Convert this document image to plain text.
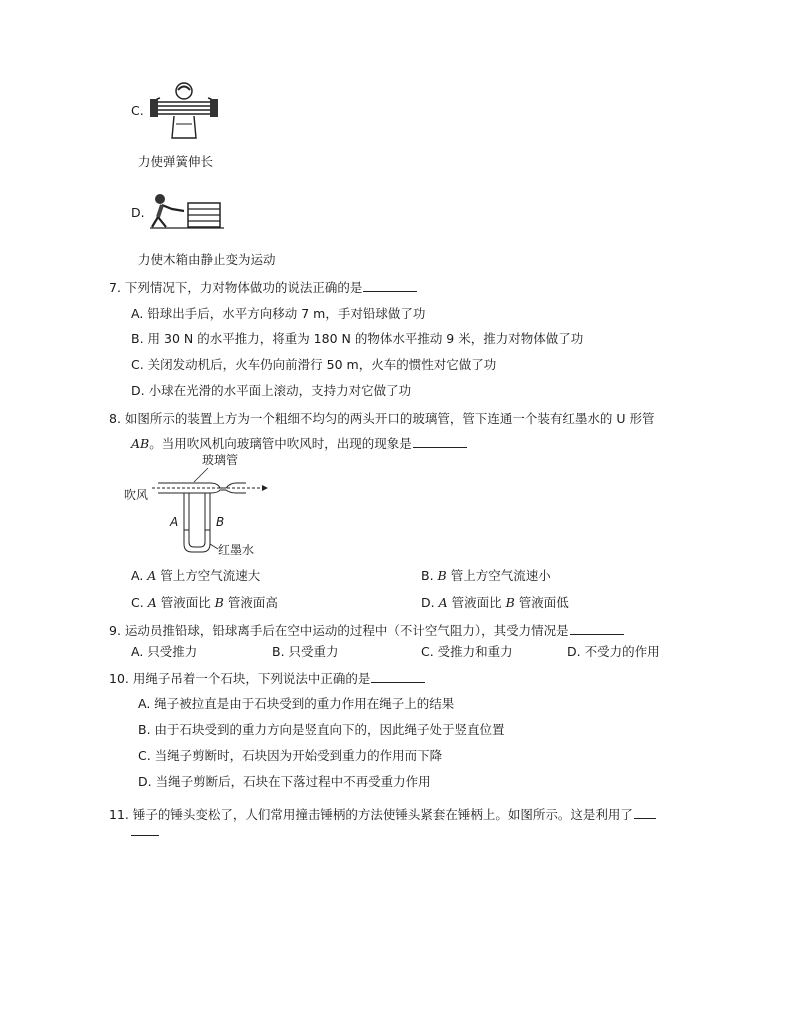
C.
力使弹簧伸长
D.
力使木箱由静止变为运动
7. 下列情况下，力对物体做功的说法正确的是
A. 铅球出手后，水平方向移动 7 m，手对铅球做了功
B. 用 30 N 的水平推力，将重为 180 N 的物体水平推动 9 米，推力对物体做了功
C. 关闭发动机后，火车仍向前滑行 50 m，火车的惯性对它做了功
D. 小球在光滑的水平面上滚动，支持力对它做了功
8. 如图所示的装置上方为一个粗细不均匀的两头开口的玻璃管，管下连通一个装有红墨水的 U 形管
AB。当用吹风机向玻璃管中吹风时，出现的现象是
玻璃管
吹风
A	B
红墨水
A. A 管上方空气流速大	B. B 管上方空气流速小
C. A 管液面比 B 管液面高	D. A 管液面比 B 管液面低
9. 运动员推铅球，铅球离手后在空中运动的过程中（不计空气阻力），其受力情况是
A. 只受推力	B. 只受重力	C. 受推力和重力	D. 不受力的作用
10. 用绳子吊着一个石块，下列说法中正确的是
A. 绳子被拉直是由于石块受到的重力作用在绳子上的结果
B. 由于石块受到的重力方向是竖直向下的，因此绳子处于竖直位置
C. 当绳子剪断时，石块因为开始受到重力的作用而下降
D. 当绳子剪断后，石块在下落过程中不再受重力作用
11. 锤子的锤头变松了，人们常用撞击锤柄的方法使锤头紧套在锤柄上。如图所示。这是利用了
